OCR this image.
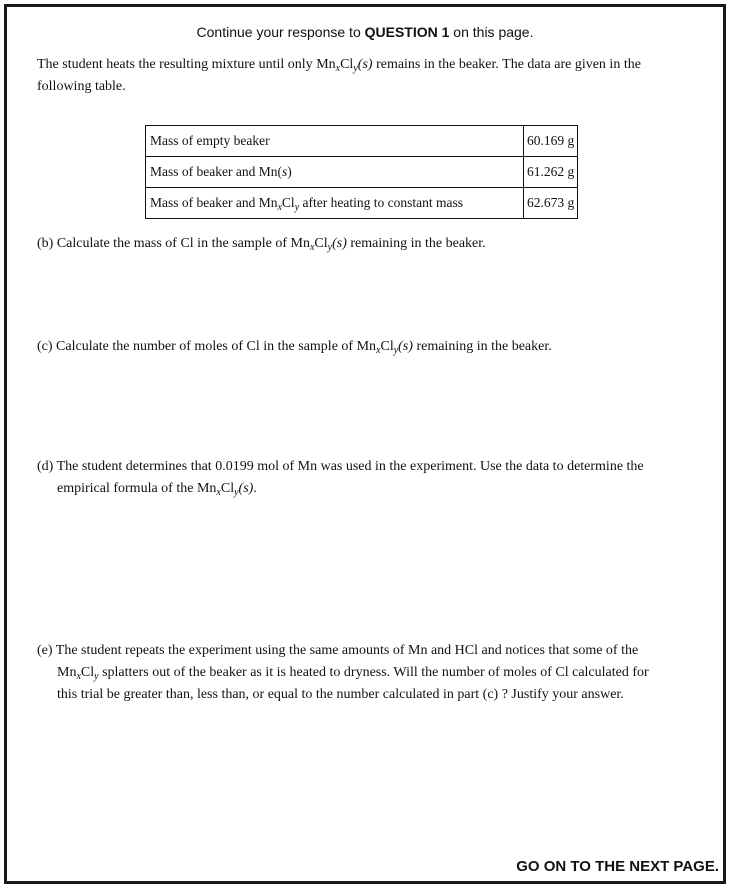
Continue your response to QUESTION 1 on this page.
The student heats the resulting mixture until only $Mn_xCl_y(s)$ remains in the beaker. The data are given in the following table.
Mass of empty beaker	60.169 g
Mass of beaker and Mn(s)	61.262 g
Mass of beaker and $Mn_xCl_y$ after heating to constant mass	62.673 g
(b) Calculate the mass of Cl in the sample of $Mn_xCl_y(s)$ remaining in the beaker.
(c) Calculate the number of moles of Cl in the sample of $Mn_xCl_y(s)$ remaining in the beaker.
(d) The student determines that 0.0199 mol of Mn was used in the experiment. Use the data to determine the
empirical formula of the $Mn_xCl_y(s)$.
(e) The student repeats the experiment using the same amounts of Mn and HCl and notices that some of the
$Mn_xCl_y$ splatters out of the beaker as it is heated to dryness. Will the number of moles of Cl calculated for
this trial be greater than, less than, or equal to the number calculated in part (c) ? Justify your answer.
GO ON TO THE NEXT PAGE.
